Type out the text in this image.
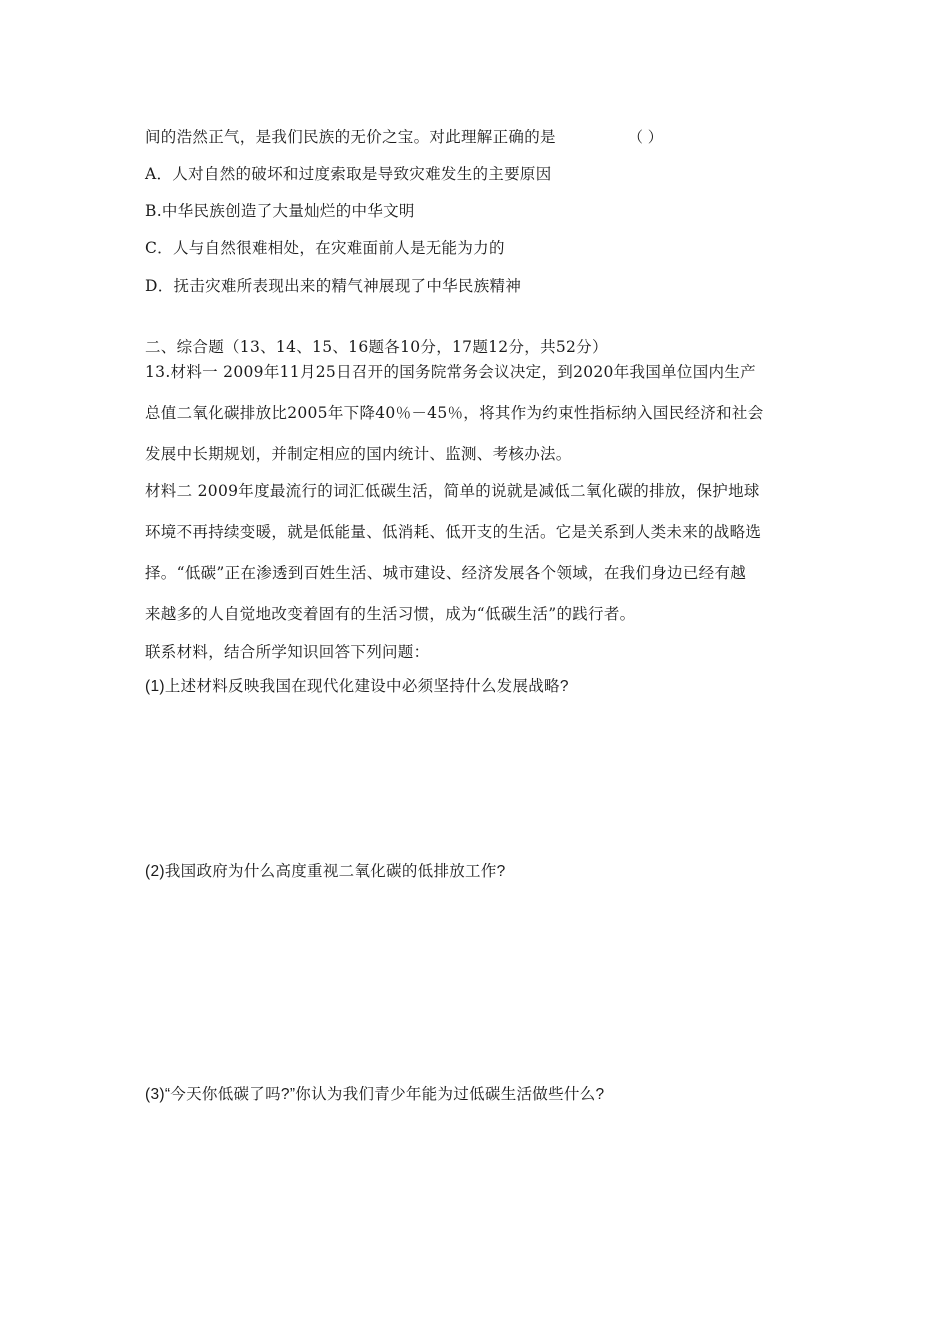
间的浩然正气，是我们民族的无价之宝。对此理解正确的是	（ ）
A．人对自然的破坏和过度索取是导致灾难发生的主要原因
B.中华民族创造了大量灿烂的中华文明
C．人与自然很难相处，在灾难面前人是无能为力的
D．抚击灾难所表现出来的精气神展现了中华民族精神
二、综合题（13、14、15、16题各10分，17题12分，共52分）
13.材料一 2009年11月25日召开的国务院常务会议决定，到2020年我国单位国内生产
总值二氧化碳排放比2005年下降40％－45％，将其作为约束性指标纳入国民经济和社会
发展中长期规划，并制定相应的国内统计、监测、考核办法。
材料二 2009年度最流行的词汇低碳生活，简单的说就是减低二氧化碳的排放，保护地球
环境不再持续变暖，就是低能量、低消耗、低开支的生活。它是关系到人类未来的战略选
择。“低碳”正在渗透到百姓生活、城市建设、经济发展各个领域，在我们身边已经有越
来越多的人自觉地改变着固有的生活习惯，成为“低碳生活”的践行者。
联系材料，结合所学知识回答下列问题：
(1)上述材料反映我国在现代化建设中必须坚持什么发展战略?
(2)我国政府为什么高度重视二氧化碳的低排放工作?
(3)“今天你低碳了吗?”你认为我们青少年能为过低碳生活做些什么?
